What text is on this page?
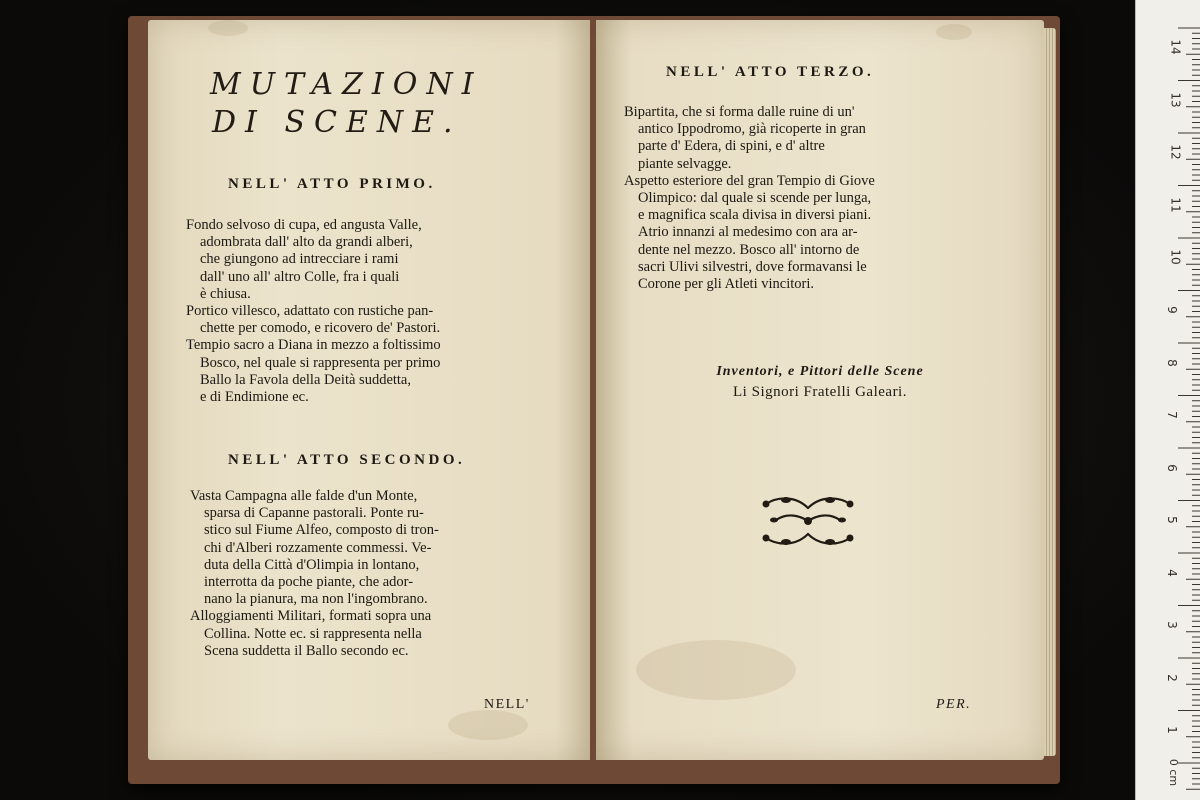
MUTAZIONI
DI SCENE.
NELL' ATTO PRIMO.
Fondo selvoso di cupa, ed angusta Valle,
adombrata dall' alto da grandi alberi,
che giungono ad intrecciare i rami
dall' uno all' altro Colle, fra i quali
è chiusa.
Portico villesco, adattato con rustiche pan-
chette per comodo, e ricovero de' Pastori.
Tempio sacro a Diana in mezzo a foltissimo
Bosco, nel quale si rappresenta per primo
Ballo la Favola della Deità suddetta,
e di Endimione ec.
NELL' ATTO SECONDO.
Vasta Campagna alle falde d'un Monte,
sparsa di Capanne pastorali. Ponte ru-
stico sul Fiume Alfeo, composto di tron-
chi d'Alberi rozzamente commessi. Ve-
duta della Città d'Olimpia in lontano,
interrotta da poche piante, che ador-
nano la pianura, ma non l'ingombrano.
Alloggiamenti Militari, formati sopra una
Collina. Notte ec. si rappresenta nella
Scena suddetta il Ballo secondo ec.

NELL'

NELL' ATTO TERZO.
Bipartita, che si forma dalle ruine di un'
antico Ippodromo, già ricoperte in gran
parte d' Edera, di spini, e d' altre
piante selvagge.
Aspetto esteriore del gran Tempio di Giove
Olimpico: dal quale si scende per lunga,
e magnifica scala divisa in diversi piani.
Atrio innanzi al medesimo con ara ar-
dente nel mezzo. Bosco all' intorno de
sacri Ulivi silvestri, dove formavansi le
Corone per gli Atleti vincitori.

Inventori, e Pittori delle Scene
Li Signori Fratelli Galeari.

PER.

14
13
12
11
10
9
8
7
6
5
4
3
2
1
0 cm
